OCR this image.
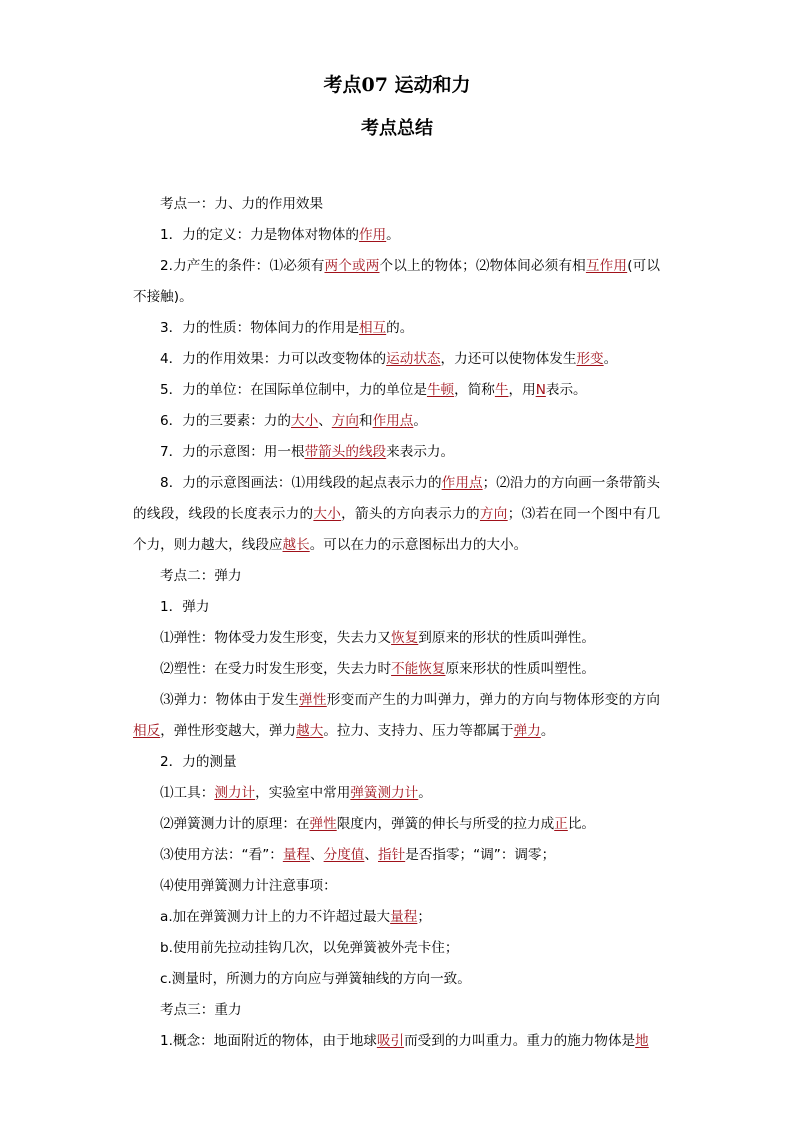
考点07 运动和力
考点总结

考点一：力、力的作用效果

1．力的定义：力是物体对物体的作用。

2.力产生的条件：⑴必须有两个或两个以上的物体；⑵物体间必须有相互作用(可以不接触)。

3．力的性质：物体间力的作用是相互的。

4．力的作用效果：力可以改变物体的运动状态，力还可以使物体发生形变。

5．力的单位：在国际单位制中，力的单位是牛顿，简称牛，用N表示。

6．力的三要素：力的大小、方向和作用点。

7．力的示意图：用一根带箭头的线段来表示力。

8．力的示意图画法：⑴用线段的起点表示力的作用点；⑵沿力的方向画一条带箭头的线段，线段的长度表示力的大小，箭头的方向表示力的方向；⑶若在同一个图中有几个力，则力越大，线段应越长。可以在力的示意图标出力的大小。

考点二：弹力

1．弹力

⑴弹性：物体受力发生形变，失去力又恢复到原来的形状的性质叫弹性。

⑵塑性：在受力时发生形变，失去力时不能恢复原来形状的性质叫塑性。

⑶弹力：物体由于发生弹性形变而产生的力叫弹力，弹力的方向与物体形变的方向相反，弹性形变越大，弹力越大。拉力、支持力、压力等都属于弹力。

2．力的测量

⑴工具：测力计，实验室中常用弹簧测力计。

⑵弹簧测力计的原理：在弹性限度内，弹簧的伸长与所受的拉力成正比。

⑶使用方法：“看”：量程、分度值、指针是否指零；“调”：调零；

⑷使用弹簧测力计注意事项：

a.加在弹簧测力计上的力不许超过最大量程；

b.使用前先拉动挂钩几次，以免弹簧被外壳卡住；

c.测量时，所测力的方向应与弹簧轴线的方向一致。

考点三：重力

1.概念：地面附近的物体，由于地球吸引而受到的力叫重力。重力的施力物体是地
